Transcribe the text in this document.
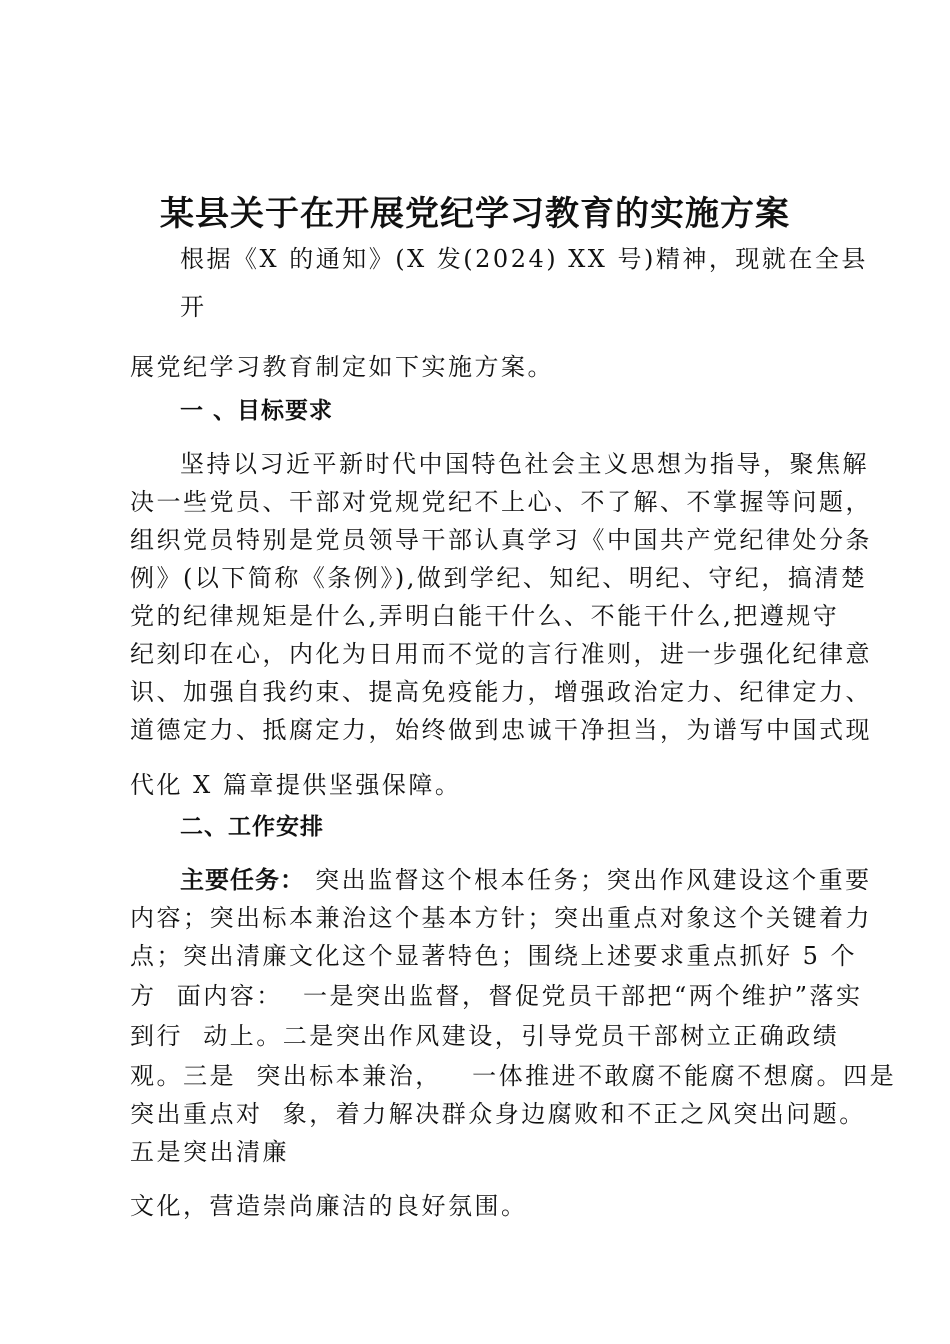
某县关于在开展党纪学习教育的实施方案

根据《X 的通知》(X 发(2024) XX 号)精神，现就在全县

开

展党纪学习教育制定如下实施方案。

一 、目标要求

坚持以习近平新时代中国特色社会主义思想为指导，聚焦解

决一些党员、干部对党规党纪不上心、不了解、不掌握等问题，

组织党员特别是党员领导干部认真学习《中国共产党纪律处分条

例》(以下简称《条例》),做到学纪、知纪、明纪、守纪，搞清楚

党的纪律规矩是什么,弄明白能干什么、不能干什么,把遵规守

纪刻印在心，内化为日用而不觉的言行准则，进一步强化纪律意

识、加强自我约束、提高免疫能力，增强政治定力、纪律定力、

道德定力、抵腐定力，始终做到忠诚干净担当，为谱写中国式现

代化 X 篇章提供坚强保障。

二、工作安排

主要任务： 突出监督这个根本任务；突出作风建设这个重要

内容；突出标本兼治这个基本方针；突出重点对象这个关键着力

点；突出清廉文化这个显著特色；围绕上述要求重点抓好 5 个

方  面内容：  一是突出监督，督促党员干部把“两个维护”落实

到行  动上。二是突出作风建设，引导党员干部树立正确政绩

观。三是  突出标本兼治，   一体推进不敢腐不能腐不想腐。四是

突出重点对  象，着力解决群众身边腐败和不正之风突出问题。

五是突出清廉

文化，营造崇尚廉洁的良好氛围。
